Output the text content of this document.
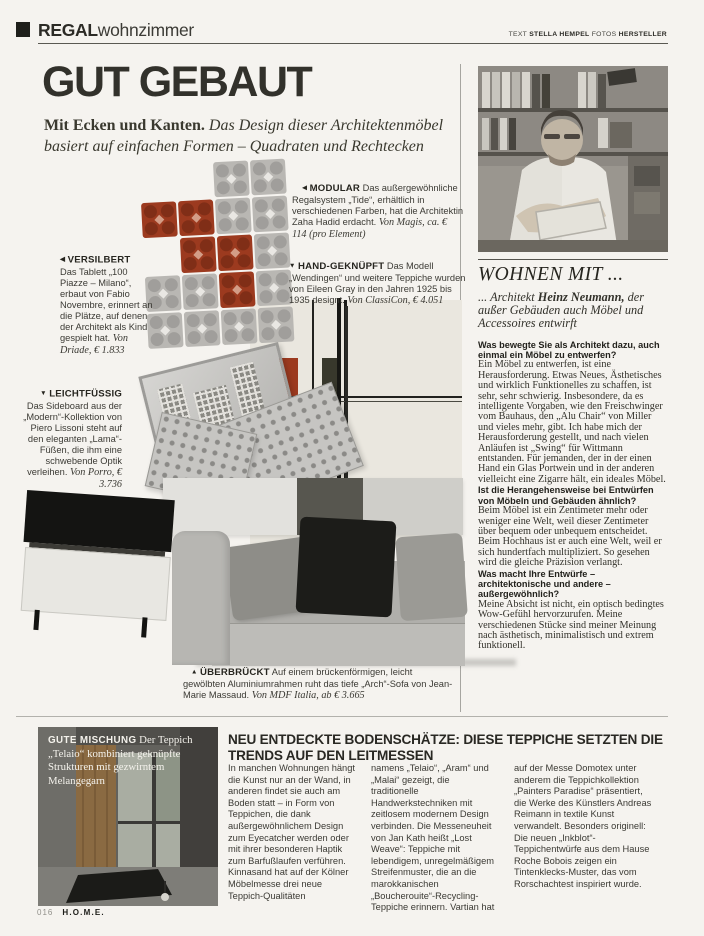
REGALwohnzimmer	TEXT STELLA HEMPEL FOTOS HERSTELLER
GUT GEBAUT

Mit Ecken und Kanten. Das Design dieser Architektenmöbel basiert auf einfachen Formen – Quadraten und Rechtecken

◀ VERSILBERT
Das Tablett „100 Piazze – Milano“, erbaut von Fabio Novembre, erinnert an die Plätze, auf denen der Architekt als Kind gespielt hat. Von Driade, € 1.833
▼ LEICHTFÜSSIG
Das Sideboard aus der „Modern“-Kollektion von Piero Lissoni steht auf den eleganten „Lama“-Füßen, die ihm eine schwebende Optik verleihen. Von Porro, € 3.736
◀ MODULAR Das außergewöhnliche Regalsystem „Tide“, erhältlich in verschiedenen Farben, hat die Architektin Zaha Hadid erdacht. Von Magis, ca. € 114 (pro Element)
▼ HAND-GEKNÜPFT Das Modell „Wendingen“ und weitere Teppiche wurden von Eileen Gray in den Jahren 1925 bis 1935 designt. Von ClassiCon, € 4.051
▲ ÜBERBRÜCKT Auf einem brückenförmigen, leicht gewölbten Aluminiumrahmen ruht das tiefe „Arch“-Sofa von Jean-Marie Massaud. Von MDF Italia, ab € 3.665
WOHNEN MIT ...
... Architekt Heinz Neumann, der außer Gebäuden auch Möbel und Accessoires entwirft

Was bewegte Sie als Architekt dazu, auch einmal ein Möbel zu entwerfen?

Ein Möbel zu entwerfen, ist eine Herausforderung. Etwas Neues, Ästhetisches und wirklich Funktionelles zu schaffen, ist sehr, sehr schwierig. Insbesondere, da es intelligente Vorgaben, wie den Freischwinger vom Bauhaus, den „Alu Chair“ von Miller und vieles mehr, gibt. Ich habe mich der Herausforderung gestellt, und nach vielen Anläufen ist „Swing“ für Wittmann entstanden. Für jemanden, der in der einen Hand ein Glas Portwein und in der anderen vielleicht eine Zigarre hält, ein ideales Möbel.

Ist die Herangehensweise bei Entwürfen von Möbeln und Gebäuden ähnlich?

Beim Möbel ist ein Zentimeter mehr oder weniger eine Welt, weil dieser Zentimeter über bequem oder unbequem entscheidet. Beim Hochhaus ist er auch eine Welt, weil er sich hundertfach multipliziert. So gesehen wird die gleiche Präzision verlangt.

Was macht Ihre Entwürfe – architektonische und andere – außergewöhnlich?

Meine Absicht ist nicht, ein optisch bedingtes Wow-Gefühl hervorzurufen. Meine verschiedenen Stücke sind meiner Meinung nach ästhetisch, minimalistisch und extrem funktionell.

GUTE MISCHUNG Der Teppich „Telaio“ kombiniert geknüpfte Strukturen mit gezwirntem Melangegarn
NEU ENTDECKTE BODENSCHÄTZE: DIESE TEPPICHE SETZTEN DIE TRENDS AUF DEN LEITMESSEN
In manchen Wohnungen hängt die Kunst nur an der Wand, in anderen findet sie auch am Boden statt – in Form von Teppichen, die dank außergewöhnlichem Design zum Eyecatcher werden oder mit ihrer besonderen Haptik zum Barfußlaufen verführen. Kinnasand hat auf der Kölner Möbelmesse drei neue Teppich-Qualitäten
namens „Telaio“, „Aram“ und „Malai“ gezeigt, die traditionelle Handwerkstechniken mit zeitlosem modernem Design verbinden. Die Messeneuheit von Jan Kath heißt „Lost Weave“: Teppiche mit lebendigem, unregelmäßigem Streifenmuster, die an die marokkanischen „Boucherouite“-Recycling-Teppiche erinnern. Vartian hat
auf der Messe Domotex unter anderem die Teppichkollektion „Painters Paradise“ präsentiert, die Werke des Künstlers Andreas Reimann in textile Kunst verwandelt. Besonders originell: Die neuen „Inkblot“-Teppichentwürfe aus dem Hause Roche Bobois zeigen ein Tintenklecks-Muster, das vom Rorschachtest inspiriert wurde.
016 H.O.M.E.
